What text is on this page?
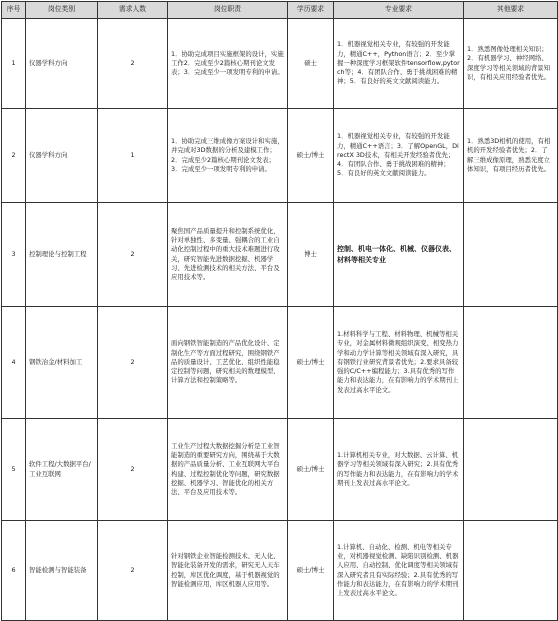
序号	岗位类别	需求人数	岗位职责	学历要求	专业要求	其他要求
1	仪器学科方向	2	1．协助完成项目实施框架的设计，实施工作2．完成至少2篇核心期刊论文发表；3．完成至少一项发明专利的申请。	硕士	1．机器视觉相关专业，有较强的开发能力，精通C++，Python语言；2．至少掌握一种深度学习框架软件tensorflow,pytorch等；4．有团队合作、勇于挑战困难的精神；5．有良好的英文文献阅读能力。	1．熟悉图像处理相关知识；2．有机器学习、神经网络、深度学习等相关领域的背景知识，有相关应用经验者优先。
2	仪器学科方向	1	1．协助完成三维成像方案设计和实施，并完成对3D数据的分析及建模工作；2．完成至少2篇核心期刊论文发表；3．完成至少一项发明专利的申请。	硕士/博士	1．机器视觉相关专业，有较强的开发能力，精通C++语言；3．了解OpenGL，DirectX 3D技术，有相关开发经验者优先；4．有团队合作、勇于挑战困难的精神；5．有良好的英文文献阅读能力。	1．熟悉3D相机的使用，有相机的开发经验者优先；2．了解三维成像原理，熟悉光度立体知识，有项目经历者优先。
3	控制理论与控制工程	2	聚焦国产品质量提升和控制系统优化，针对单独性、多变量、强耦合的工业自动化控制过程中的重大技术难题进行攻关，研究智能先进数据挖掘、机器学习、先进检测技术的相关方法、平台及应用技术等。	博士	控制、机电一体化、机械、仪器仪表、材料等相关专业	
4	钢铁冶金/材料加工	2	面向钢铁智能制造的产品优化设计、定制化生产等方面过程研究，围绕钢铁产品的质量设计、工艺优化、组织性能稳定控制等问题，研究相关的数理模型、计算方法和控制策略等。	硕士/博士	1.材料科学与工程、材料物理、机械等相关专业，对金属材料微观组织演变、相变热力学和动力学计算等相关领域有深入研究，具有钢铁行业研究背景者优先；2.要求具备较强的C/C++编程能力；3.具有优秀的写作能力和表达能力，在有影响力的学术期刊上发表过高水平论文。	
5	软件工程/大数据平台/工业互联网	2	工业生产过程大数据挖掘分析是工业智能制造的重要研究方向，围绕基于大数据的产品质量分析、工业互联网大平台构建、过程控制优化等问题，研究数据挖掘、机器学习、智能优化的相关方法、平台及应用技术等。	硕士/博士	1.计算机相关专业，对大数据、云计算、机器学习等相关领域有深入研究；2.具有优秀的写作能力和表达能力，在有影响力的学术期刊上发表过高水平论文。	
6	智能检测与智能装备	2	针对钢铁企业智能检测技术、无人化、智能化装备开发的需求，研究无人天车控制，库区优化调度，基于机器视觉的智能检测应用，库区机器人应用等。	硕士/博士	1.计算机、自动化、检测、机电等相关专业，对机器视觉检测、缺陷识别检测、机器人应用、自动控制、优化调度等相关领域有深入研究者且有实际经验；2.具有优秀的写作能力和表达能力，在有影响力的学术期刊上发表过高水平论文。	
